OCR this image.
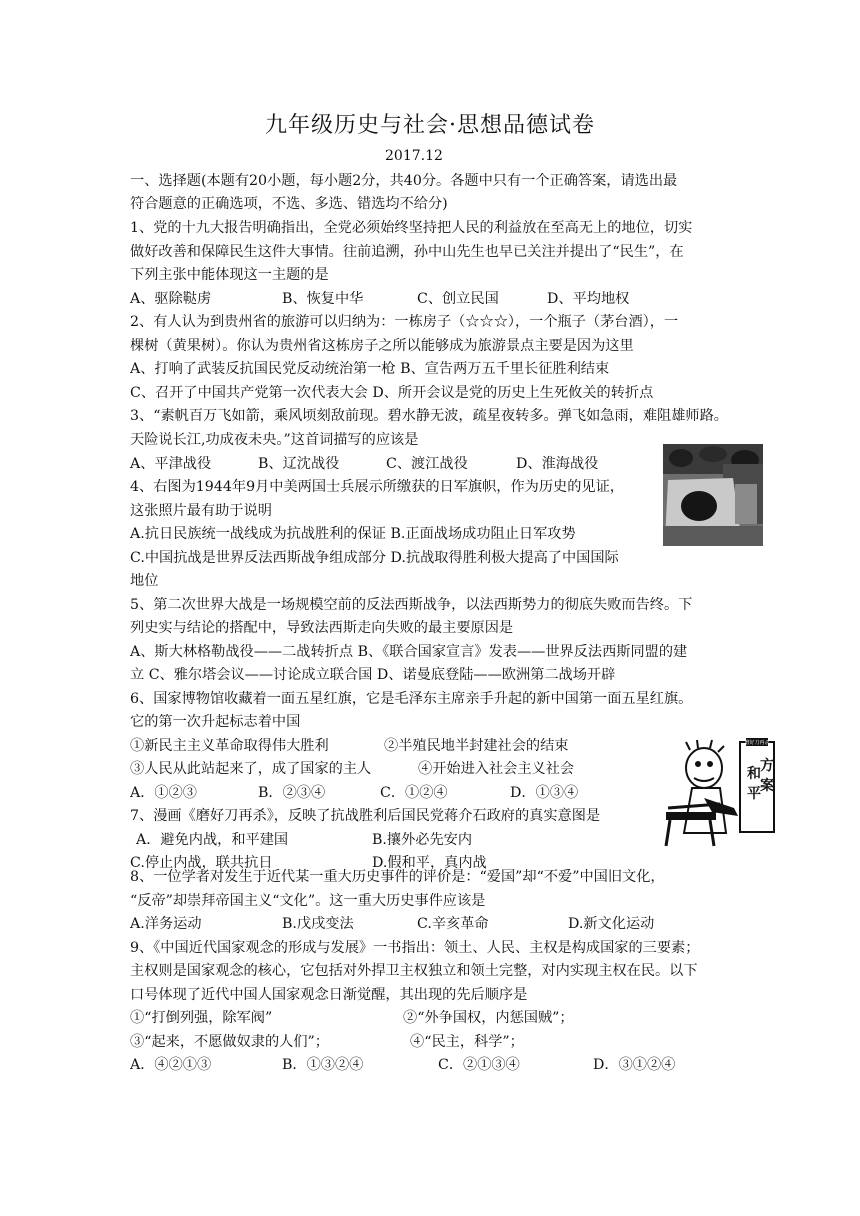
九年级历史与社会·思想品德试卷
2017.12
一、选择题(本题有20小题，每小题2分，共40分。各题中只有一个正确答案，请选出最
符合题意的正确选项，不选、多选、错选均不给分)
1、党的十九大报告明确指出，全党必须始终坚持把人民的利益放在至高无上的地位，切实
做好改善和保障民生这件大事情。往前追溯，孙中山先生也早已关注并提出了“民生”，在
下列主张中能体现这一主题的是
A、驱除鞑虏	B、恢复中华	C、创立民国	D、平均地权
2、有人认为到贵州省的旅游可以归纳为：一栋房子（☆☆☆），一个瓶子（茅台酒），一
棵树（黄果树）。你认为贵州省这栋房子之所以能够成为旅游景点主要是因为这里
A、打响了武装反抗国民党反动统治第一枪 B、宣告两万五千里长征胜利结束
C、召开了中国共产党第一次代表大会 D、所开会议是党的历史上生死攸关的转折点
3、“素帆百万飞如箭，乘风顷刻敌前现。碧水静无波，疏星夜转多。弹飞如急雨，难阻雄师路。
天险说长江,功成夜未央。”这首词描写的应该是
A、平津战役	B、辽沈战役	C、渡江战役	D、淮海战役
4、右图为1944年9月中美两国士兵展示所缴获的日军旗帜，作为历史的见证，
这张照片最有助于说明
A.抗日民族统一战线成为抗战胜利的保证 B.正面战场成功阻止日军攻势
C.中国抗战是世界反法西斯战争组成部分 D.抗战取得胜利极大提高了中国国际
地位
5、第二次世界大战是一场规模空前的反法西斯战争，以法西斯势力的彻底失败而告终。下
列史实与结论的搭配中，导致法西斯走向失败的最主要原因是
A、斯大林格勒战役——二战转折点 B、《联合国家宣言》发表——世界反法西斯同盟的建
立 C、雅尔塔会议——讨论成立联合国 D、诺曼底登陆——欧洲第二战场开辟
6、国家博物馆收藏着一面五星红旗，它是毛泽东主席亲手升起的新中国第一面五星红旗。
它的第一次升起标志着中国
①新民主主义革命取得伟大胜利	②半殖民地半封建社会的结束
③人民从此站起来了，成了国家的主人	④开始进入社会主义社会
A．①②③	B．②③④	C．①②④	D．①③④
7、漫画《磨好刀再杀》，反映了抗战胜利后国民党蒋介石政府的真实意图是
A．避免内战，和平建国	B.攘外必先安内
C.停止内战，联共抗日	D.假和平，真内战
磨好刀再杀
和 方
平 案
8、一位学者对发生于近代某一重大历史事件的评价是：“爱国”却“不爱”中国旧文化，
“反帝”却崇拜帝国主义“文化”。这一重大历史事件应该是
A.洋务运动	B.戊戌变法	C.辛亥革命	D.新文化运动
9、《中国近代国家观念的形成与发展》一书指出：领土、人民、主权是构成国家的三要素；
主权则是国家观念的核心，它包括对外捍卫主权独立和领土完整，对内实现主权在民。以下
口号体现了近代中国人国家观念日渐觉醒，其出现的先后顺序是
①“打倒列强，除军阀”	②“外争国权，内惩国贼”；
③“起来，不愿做奴隶的人们”；	④“民主，科学”；
A．④②①③	B．①③②④	C．②①③④	D．③①②④
